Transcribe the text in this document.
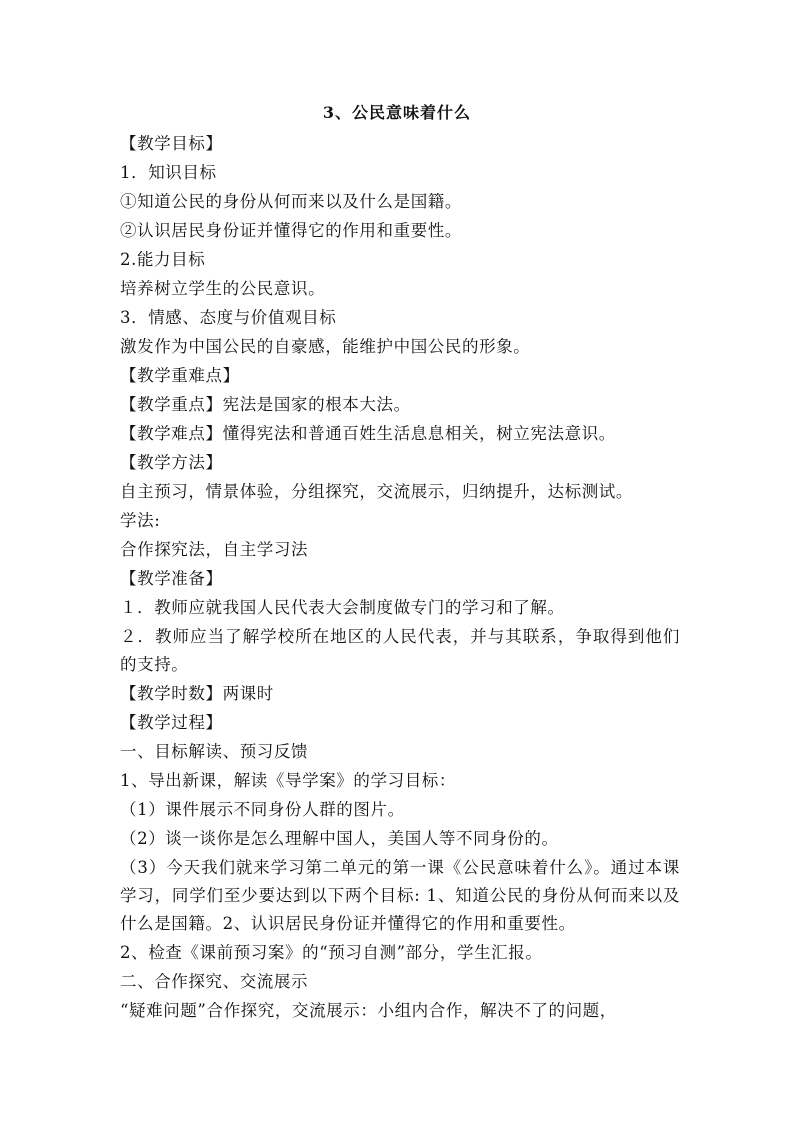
3、公民意味着什么
【教学目标】
1．知识目标
①知道公民的身份从何而来以及什么是国籍。
②认识居民身份证并懂得它的作用和重要性。
2.能力目标
培养树立学生的公民意识。
3．情感、态度与价值观目标
激发作为中国公民的自豪感，能维护中国公民的形象。
【教学重难点】
【教学重点】宪法是国家的根本大法。
【教学难点】懂得宪法和普通百姓生活息息相关，树立宪法意识。
【教学方法】
自主预习，情景体验，分组探究，交流展示，归纳提升，达标测试。
学法:
合作探究法，自主学习法
【教学准备】
１．教师应就我国人民代表大会制度做专门的学习和了解。
２．教师应当了解学校所在地区的人民代表，并与其联系，争取得到他们的支持。
【教学时数】两课时
【教学过程】
一、目标解读、预习反馈
1、导出新课，解读《导学案》的学习目标：
（1）课件展示不同身份人群的图片。
（2）谈一谈你是怎么理解中国人，美国人等不同身份的。
（3）今天我们就来学习第二单元的第一课《公民意味着什么》。通过本课学习，同学们至少要达到以下两个目标: 1、知道公民的身份从何而来以及什么是国籍。2、认识居民身份证并懂得它的作用和重要性。
2、检查《课前预习案》的“预习自测”部分，学生汇报。
二、合作探究、交流展示
“疑难问题”合作探究，交流展示：小组内合作，解决不了的问题，
